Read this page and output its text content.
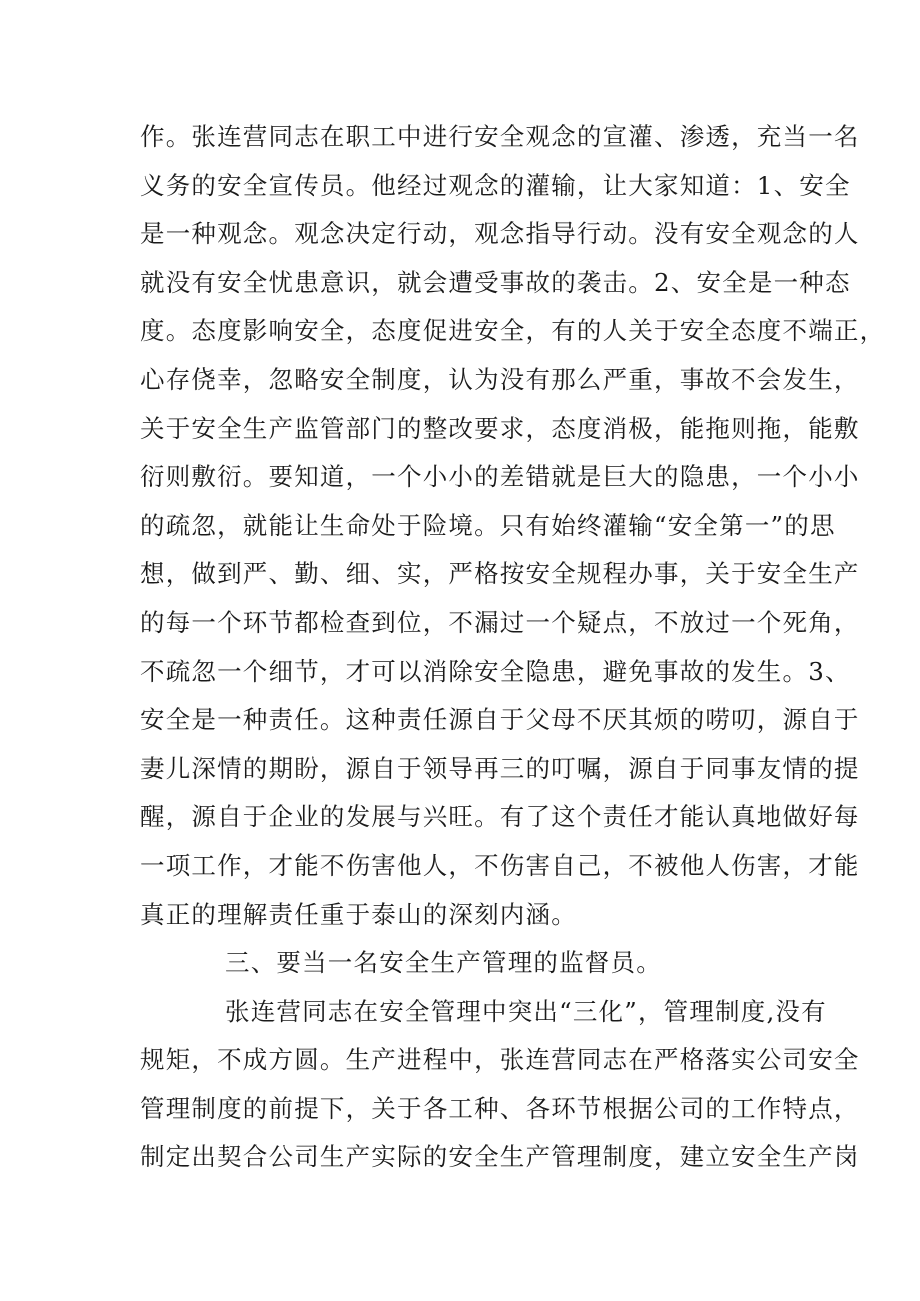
作。张连营同志在职工中进行安全观念的宣灌、渗透，充当一名
义务的安全宣传员。他经过观念的灌输，让大家知道：1、安全
是一种观念。观念决定行动，观念指导行动。没有安全观念的人
就没有安全忧患意识，就会遭受事故的袭击。2、安全是一种态
度。态度影响安全，态度促进安全，有的人关于安全态度不端正，
心存侥幸，忽略安全制度，认为没有那么严重，事故不会发生，
关于安全生产监管部门的整改要求，态度消极，能拖则拖，能敷
衍则敷衍。要知道，一个小小的差错就是巨大的隐患，一个小小
的疏忽，就能让生命处于险境。只有始终灌输“安全第一”的思
想，做到严、勤、细、实，严格按安全规程办事，关于安全生产
的每一个环节都检查到位，不漏过一个疑点，不放过一个死角，
不疏忽一个细节，才可以消除安全隐患，避免事故的发生。3、
安全是一种责任。这种责任源自于父母不厌其烦的唠叨，源自于
妻儿深情的期盼，源自于领导再三的叮嘱，源自于同事友情的提
醒，源自于企业的发展与兴旺。有了这个责任才能认真地做好每
一项工作，才能不伤害他人，不伤害自己，不被他人伤害，才能
真正的理解责任重于泰山的深刻内涵。
三、要当一名安全生产管理的监督员。
张连营同志在安全管理中突出“三化”，管理制度,没有
规矩，不成方圆。生产进程中，张连营同志在严格落实公司安全
管理制度的前提下，关于各工种、各环节根据公司的工作特点，
制定出契合公司生产实际的安全生产管理制度，建立安全生产岗
